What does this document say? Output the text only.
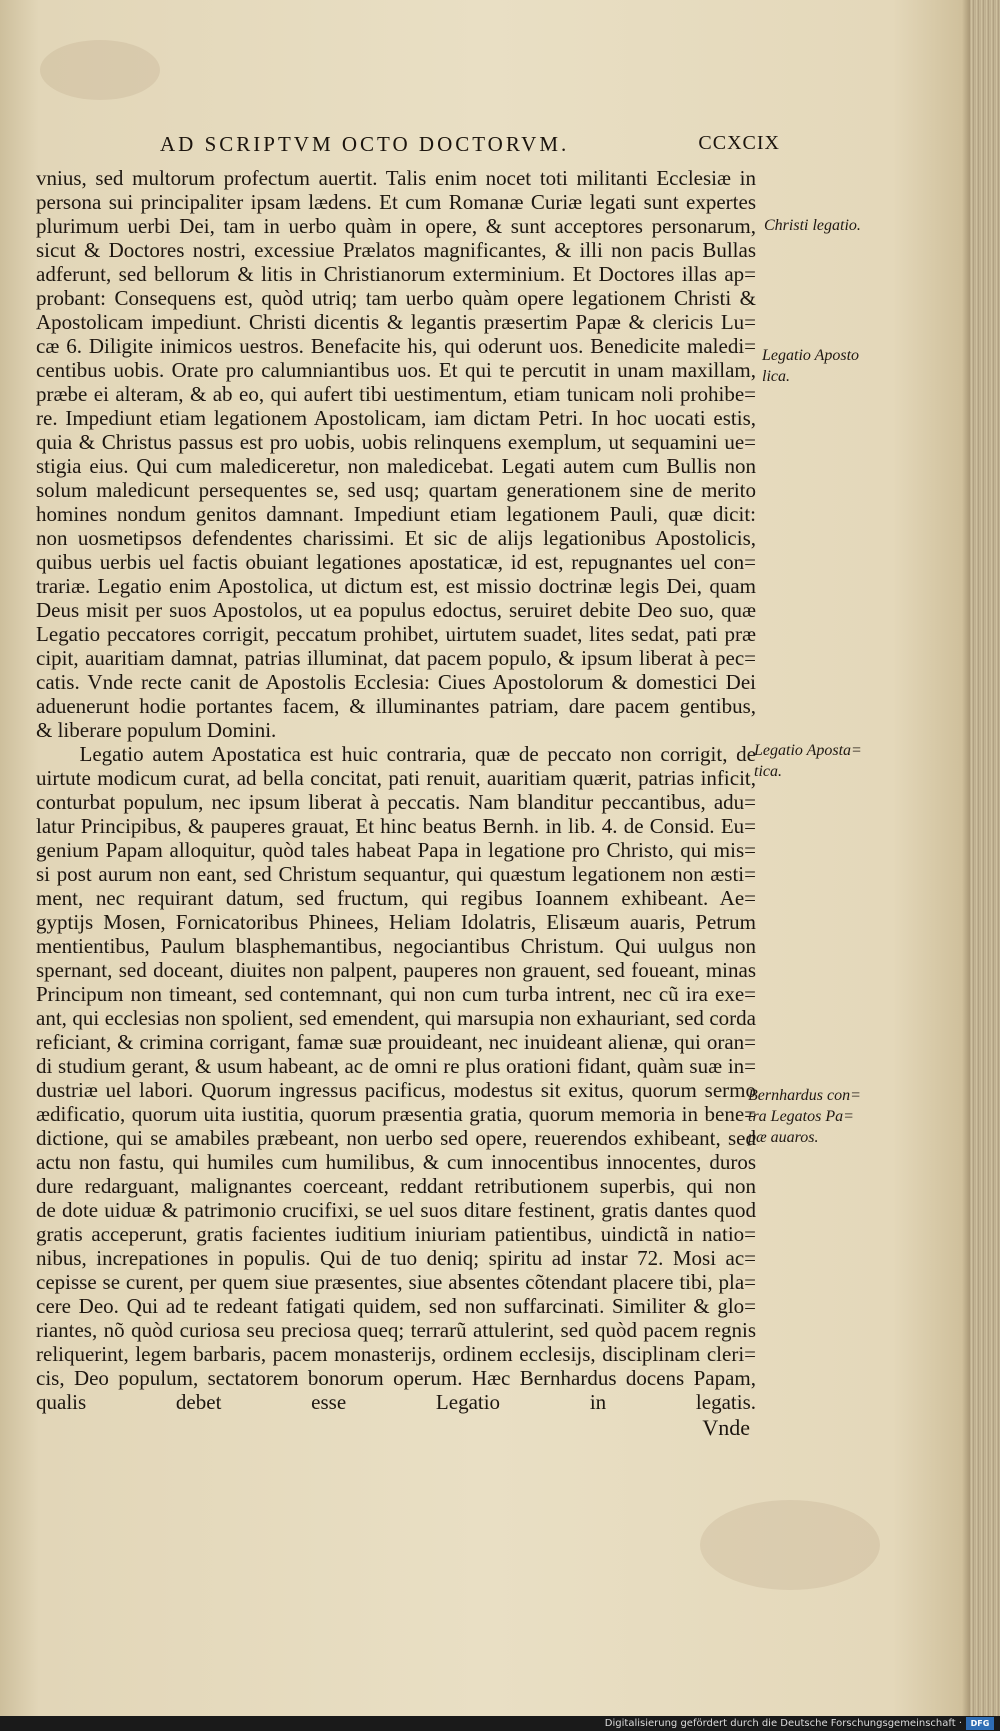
AD SCRIPTVM OCTO DOCTORVM.	CCXCIX
vnius, sed multorum profectum auertit. Talis enim nocet toti militanti Ecclesiæ in
persona sui principaliter ipsam lædens. Et cum Romanæ Curiæ legati sunt expertes
plurimum uerbi Dei, tam in uerbo quàm in opere, & sunt acceptores personarum,
sicut & Doctores nostri, excessiue Prælatos magnificantes, & illi non pacis Bullas
adferunt, sed bellorum & litis in Christianorum exterminium. Et Doctores illas ap=
probant: Consequens est, quòd utriq; tam uerbo quàm opere legationem Christi &
Apostolicam impediunt. Christi dicentis & legantis præsertim Papæ & clericis Lu=
cæ 6. Diligite inimicos uestros. Benefacite his, qui oderunt uos. Benedicite maledi=
centibus uobis. Orate pro calumniantibus uos. Et qui te percutit in unam maxillam,
præbe ei alteram, & ab eo, qui aufert tibi uestimentum, etiam tunicam noli prohibe=
re. Impediunt etiam legationem Apostolicam, iam dictam Petri. In hoc uocati estis,
quia & Christus passus est pro uobis, uobis relinquens exemplum, ut sequamini ue=
stigia eius. Qui cum malediceretur, non maledicebat. Legati autem cum Bullis non
solum maledicunt persequentes se, sed usq; quartam generationem sine de merito
homines nondum genitos damnant. Impediunt etiam legationem Pauli, quæ dicit:
non uosmetipsos defendentes charissimi. Et sic de alijs legationibus Apostolicis,
quibus uerbis uel factis obuiant legationes apostaticæ, id est, repugnantes uel con=
trariæ. Legatio enim Apostolica, ut dictum est, est missio doctrinæ legis Dei, quam
Deus misit per suos Apostolos, ut ea populus edoctus, seruiret debite Deo suo, quæ
Legatio peccatores corrigit, peccatum prohibet, uirtutem suadet, lites sedat, pati præ
cipit, auaritiam damnat, patrias illuminat, dat pacem populo, & ipsum liberat à pec=
catis. Vnde recte canit de Apostolis Ecclesia: Ciues Apostolorum & domestici Dei
aduenerunt hodie portantes facem, & illuminantes patriam, dare pacem gentibus,
& liberare populum Domini.
Legatio autem Apostatica est huic contraria, quæ de peccato non corrigit, de
uirtute modicum curat, ad bella concitat, pati renuit, auaritiam quærit, patrias inficit,
conturbat populum, nec ipsum liberat à peccatis. Nam blanditur peccantibus, adu=
latur Principibus, & pauperes grauat, Et hinc beatus Bernh. in lib. 4. de Consid. Eu=
genium Papam alloquitur, quòd tales habeat Papa in legatione pro Christo, qui mis=
si post aurum non eant, sed Christum sequantur, qui quæstum legationem non æsti=
ment, nec requirant datum, sed fructum, qui regibus Ioannem exhibeant. Ae=
gyptijs Mosen, Fornicatoribus Phinees, Heliam Idolatris, Elisæum auaris, Petrum
mentientibus, Paulum blasphemantibus, negociantibus Christum. Qui uulgus non
spernant, sed doceant, diuites non palpent, pauperes non grauent, sed foueant, minas
Principum non timeant, sed contemnant, qui non cum turba intrent, nec cũ ira exe=
ant, qui ecclesias non spolient, sed emendent, qui marsupia non exhauriant, sed corda
reficiant, & crimina corrigant, famæ suæ prouideant, nec inuideant alienæ, qui oran=
di studium gerant, & usum habeant, ac de omni re plus orationi fidant, quàm suæ in=
dustriæ uel labori. Quorum ingressus pacificus, modestus sit exitus, quorum sermo
ædificatio, quorum uita iustitia, quorum præsentia gratia, quorum memoria in bene=
dictione, qui se amabiles præbeant, non uerbo sed opere, reuerendos exhibeant, sed
actu non fastu, qui humiles cum humilibus, & cum innocentibus innocentes, duros
dure redarguant, malignantes coerceant, reddant retributionem superbis, qui non
de dote uiduæ & patrimonio crucifixi, se uel suos ditare festinent, gratis dantes quod
gratis acceperunt, gratis facientes iuditium iniuriam patientibus, uindictã in natio=
nibus, increpationes in populis. Qui de tuo deniq; spiritu ad instar 72. Mosi ac=
cepisse se curent, per quem siue præsentes, siue absentes cõtendant placere tibi, pla=
cere Deo. Qui ad te redeant fatigati quidem, sed non suffarcinati. Similiter & glo=
riantes, nõ quòd curiosa seu preciosa queq; terrarũ attulerint, sed quòd pacem regnis
reliquerint, legem barbaris, pacem monasterijs, ordinem ecclesijs, disciplinam cleri=
cis, Deo populum, sectatorem bonorum operum. Hæc Bernhardus docens Papam,
qualis debet esse Legatio in legatis.
Christi legatio.
Legatio Aposto lica.
Legatio Aposta= tica.
Bernhardus con= tra Legatos Pa= pæ auaros.
Vnde
Digitalisierung gefördert durch die Deutsche Forschungsgemeinschaft ·	DFG
